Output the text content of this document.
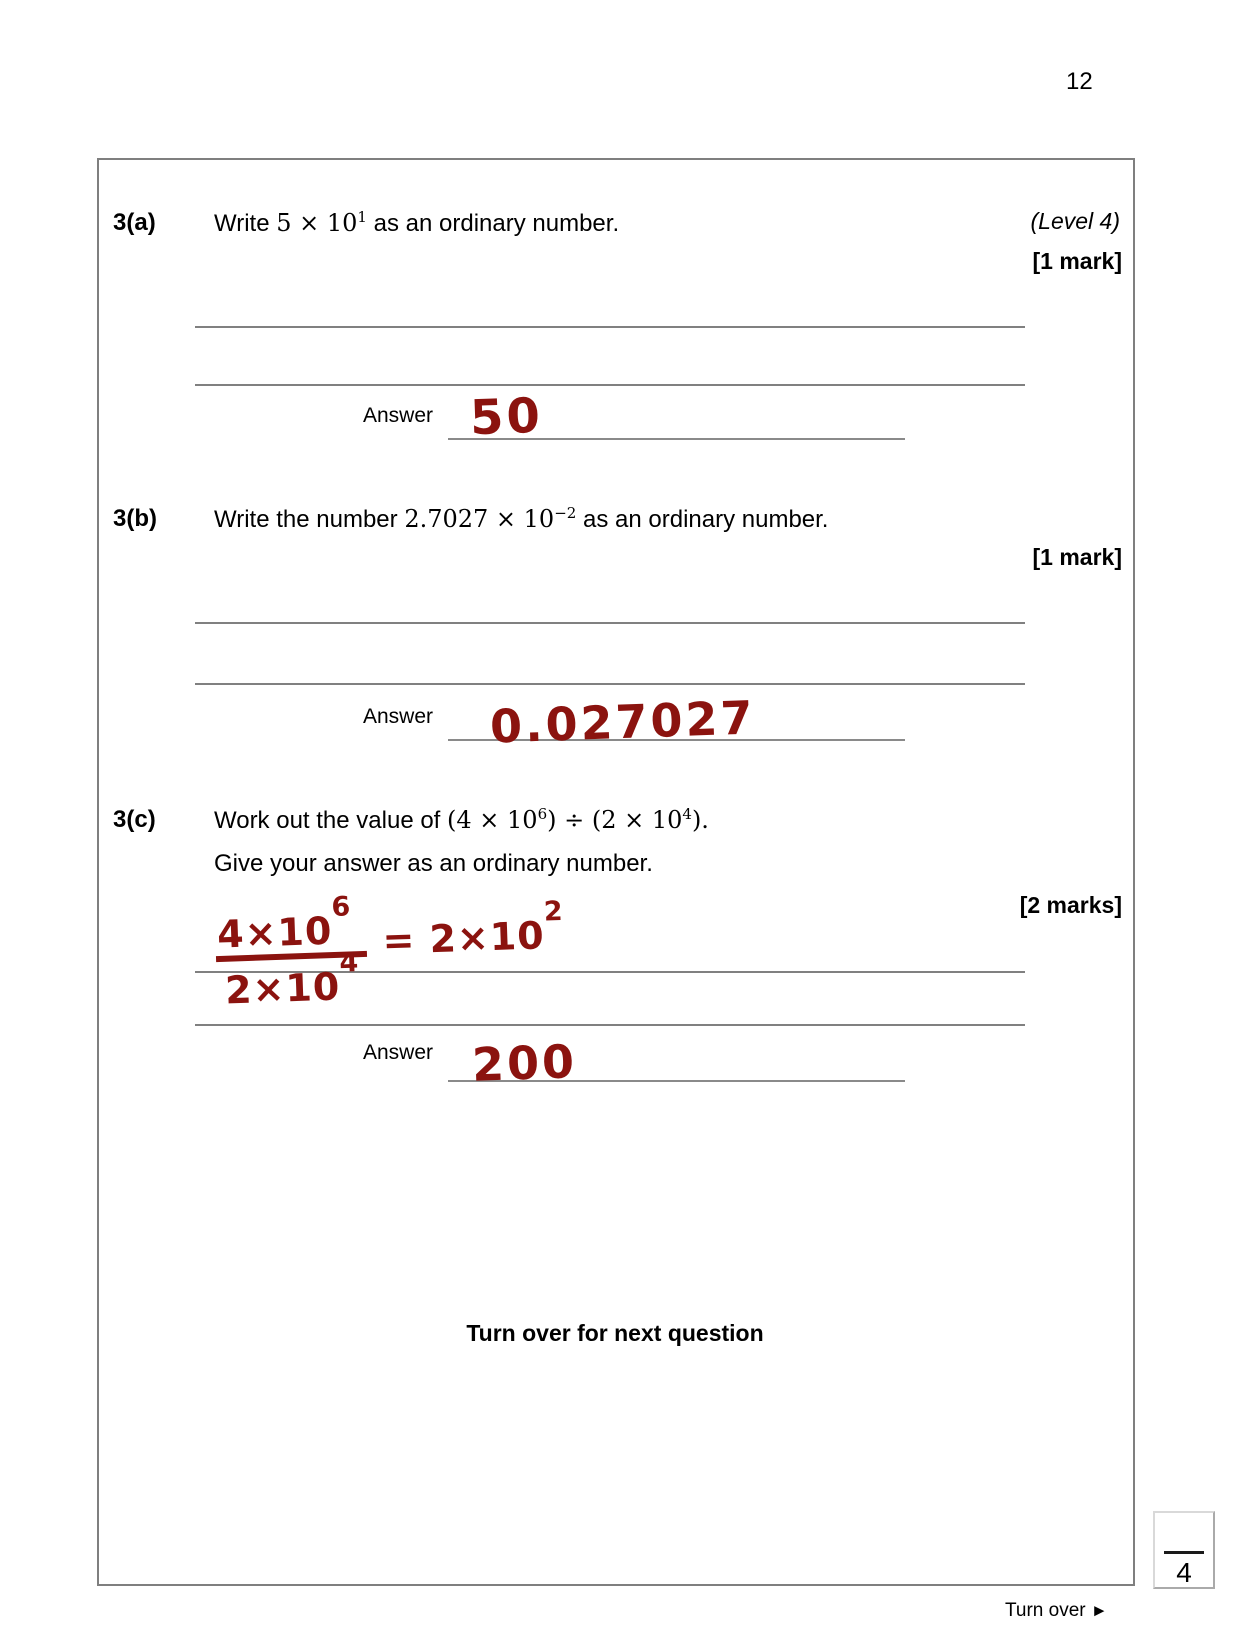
12
3(a) Write $5 \times 10^1$ as an ordinary number.	(Level 4)
[1 mark]
Answer 50
3(b) Write the number $2.7027 \times 10^{-2}$ as an ordinary number.
[1 mark]
Answer 0.027027
3(c) Work out the value of $(4 \times 10^6) \div (2 \times 10^4)$.
Give your answer as an ordinary number.
[2 marks]
$\frac{4\times 10^6}{2\times 10^4} = 2\times 10^2$
Answer 200
Turn over for next question
4
Turn over ►
